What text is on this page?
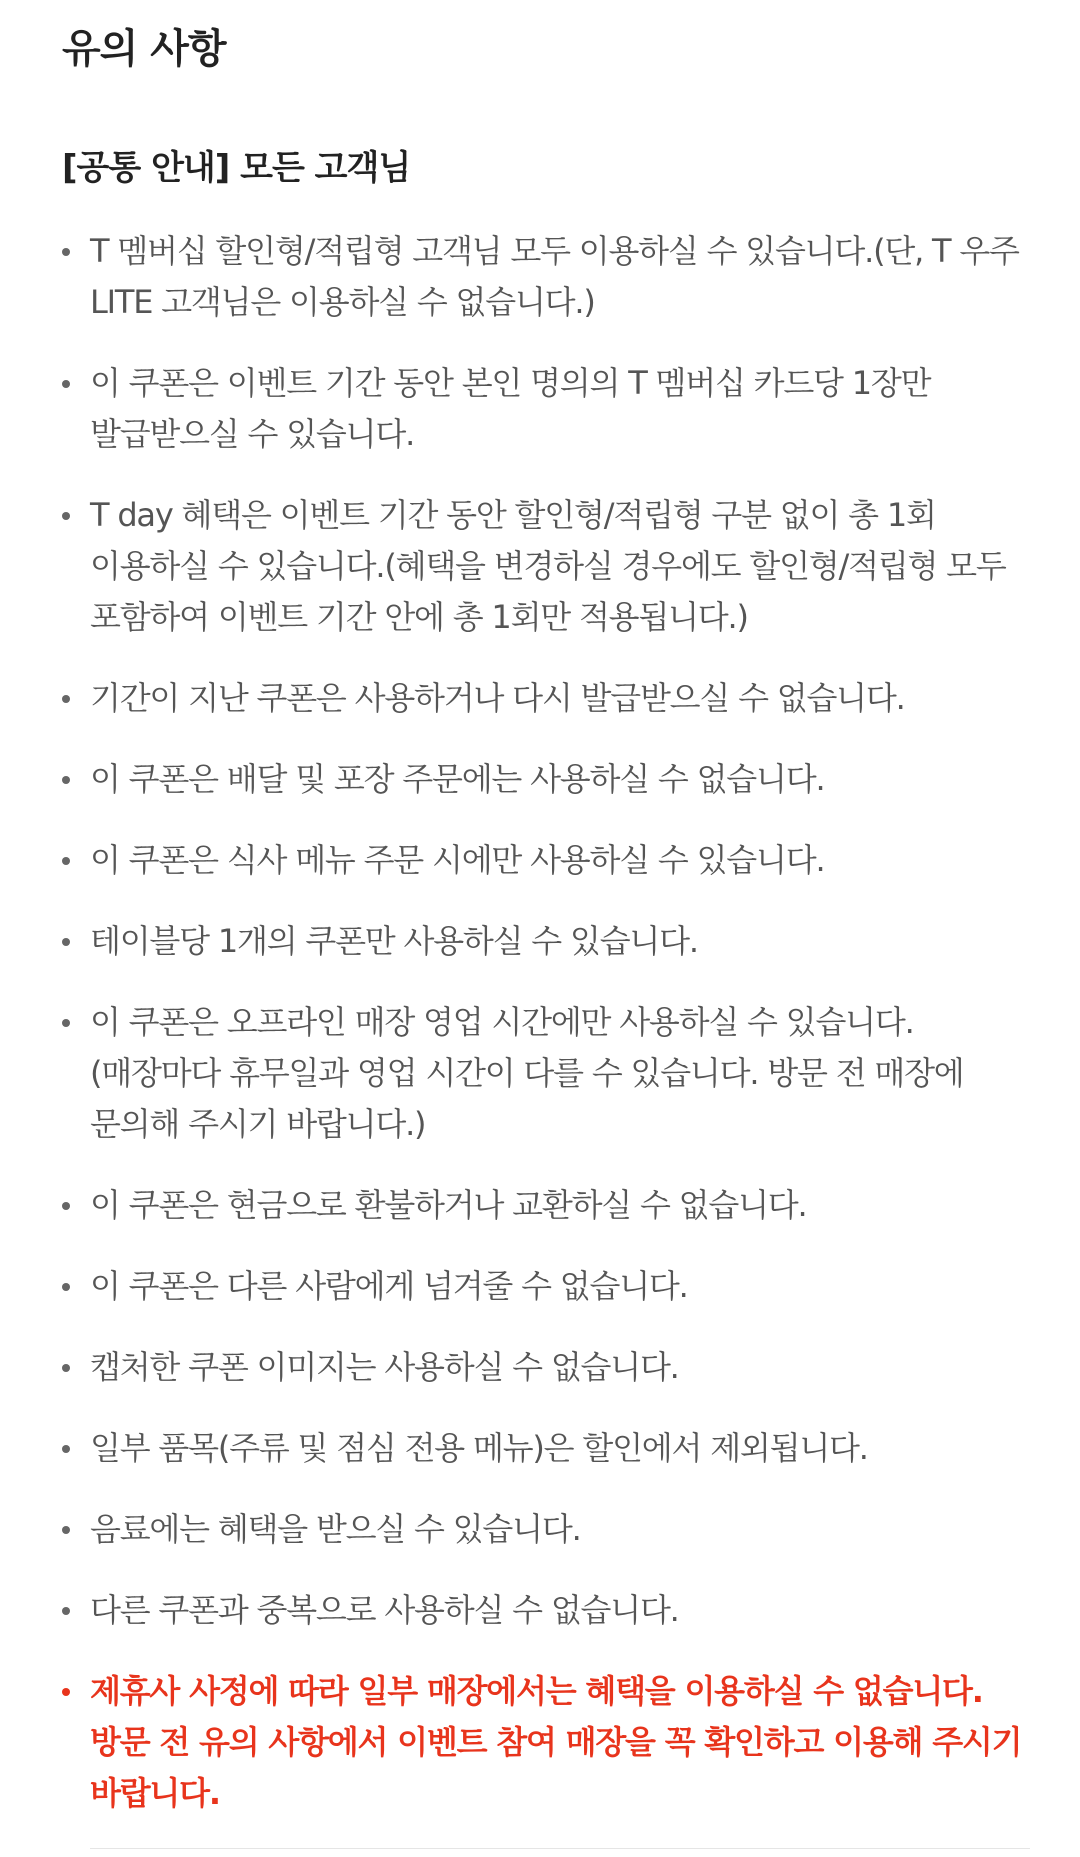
유의 사항
[공통 안내] 모든 고객님
T 멤버십 할인형/적립형 고객님 모두 이용하실 수 있습니다.(단, T 우주 LITE 고객님은 이용하실 수 없습니다.)
이 쿠폰은 이벤트 기간 동안 본인 명의의 T 멤버십 카드당 1장만 발급받으실 수 있습니다.
T day 혜택은 이벤트 기간 동안 할인형/적립형 구분 없이 총 1회 이용하실 수 있습니다.(혜택을 변경하실 경우에도 할인형/적립형 모두 포함하여 이벤트 기간 안에 총 1회만 적용됩니다.)
기간이 지난 쿠폰은 사용하거나 다시 발급받으실 수 없습니다.
이 쿠폰은 배달 및 포장 주문에는 사용하실 수 없습니다.
이 쿠폰은 식사 메뉴 주문 시에만 사용하실 수 있습니다.
테이블당 1개의 쿠폰만 사용하실 수 있습니다.
이 쿠폰은 오프라인 매장 영업 시간에만 사용하실 수 있습니다.(매장마다 휴무일과 영업 시간이 다를 수 있습니다. 방문 전 매장에 문의해 주시기 바랍니다.)
이 쿠폰은 현금으로 환불하거나 교환하실 수 없습니다.
이 쿠폰은 다른 사람에게 넘겨줄 수 없습니다.
캡처한 쿠폰 이미지는 사용하실 수 없습니다.
일부 품목(주류 및 점심 전용 메뉴)은 할인에서 제외됩니다.
음료에는 혜택을 받으실 수 있습니다.
다른 쿠폰과 중복으로 사용하실 수 없습니다.
제휴사 사정에 따라 일부 매장에서는 혜택을 이용하실 수 없습니다. 방문 전 유의 사항에서 이벤트 참여 매장을 꼭 확인하고 이용해 주시기 바랍니다.
